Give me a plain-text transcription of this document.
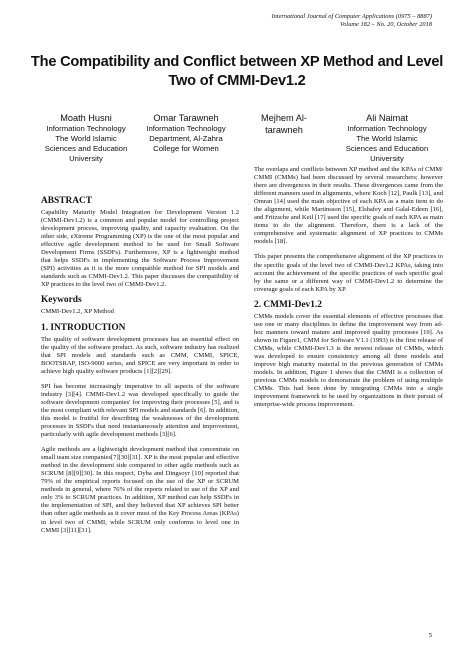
International Journal of Computer Applications (0975 – 8887)
Volume 182 – No. 20, October 2018
The Compatibility and Conflict between XP Method and Level
Two of CMMI-Dev1.2
Moath Husni
Information Technology
The World Islamic
Sciences and Education
University
Omar Tarawneh
Information Technology
Department, Al-Zahra
College for Women
Mejhem Al-
tarawneh
Ali Naimat
Information Technology
The World Islamic
Sciences and Education
University
ABSTRACT

Capability Maturity Model Integration for Development Version 1.2 (CMMI-Dev1.2) is a common and popular model for controlling project development process, improving quality, and capacity evaluation. On the other side, eXtreme Programming (XP) is the one of the most popular and effective agile development method to be used for Small Software Development Firms (SSDFs). Furthermore, XP is a lightweight method that helps SSDFs in implementing the Software Process Improvement (SPI) activities as it is the more compatible method for SPI models and standards such as CMMI-Dev1.2. This paper discusses the compatibility of XP practices to the level two of CMMI-Dev1.2.

Keywords

CMMI-Dev1.2, XP Method

1. INTRODUCTION

The quality of software development processes has an essential effect on the quality of the software product. As such, software industry has realized that SPI models and standards such as CMM, CMMI, SPICE, BOOTSRAP, ISO-9000 series, and SPICE are very important in order to achieve high quality software products [1][2][29].

SPI has become increasingly imperative to all aspects of the software industry [3][4]. CMMI-Dev1.2 was developed specifically to guide the software development companies' for improving their processes [5], and is the most compliant with relevant SPI models and standards [6]. In addition, this model is fruitful for describing the weaknesses of the development processes in SSDFs that need instantaneously attention and improvement, particularly with agile development methods [3][6].

Agile methods are a lightweight development method that concentrate on small team size companies[7][30][31]. XP is the most popular and effective method in the development side compared to other agile methods such as SCRUM [8][9][30]. In this respect, Dyba and Dingsoyr [10] reported that 79% of the empirical reports focused on the use of the XP or SCRUM methods in general, where 76% of the reports related to use of the XP and only 3% to SCRUM practices. In addition, XP method can help SSDFs in the implementation of SPI, and they believed that XP achieves SPI better than other agile methods as it cover most of the Key Process Areas (KPAs) in level two of CMMI, while SCRUM only conforms to level one in CMMI [3][11][31].

The overlaps and conflicts between XP method and the KPAs of CMM/ CMMI (CMMs) had been discussed by several researchers; however there are divergences in their results. These divergences came from the different manners used in alignments, where Koch [12], Paulk [13], and Omran [14] used the main objective of each KPA as a main item to do the alignment, while Martinsson [15], Elshafey and Galal-Edeen [16], and Fritzsche and Keil [17] used the specific goals of each KPA as main items to do the alignment. Therefore, there is a lack of the comprehensive and systematic alignment of XP practices to CMMs models [18].

This paper presents the comprehensive alignment of the XP practices to the specific goals of the level two of CMMI-Dev1.2 KPAs, taking into account the achievement of the specific practices of each specific goal by the same or a different way of CMMI-Dev1.2 to determine the coverage goals of each KPA by XP

2. CMMI-Dev1.2

CMMs models cover the essential elements of effective processes that use one or many disciplines to define the improvement way from ad-hoc manners toward mature and improved quality processes [19]. As shown in Figure1, CMM for Software V1.1 (1993) is the first release of CMMs, while CMMI-Dev1.3 is the newest release of CMMs, which was developed to ensure consistency among all three models and improve high maturity material in the previous generation of CMMs models. In addition, Figure 1 shows that the CMMI is a collection of previous CMMs models to demonstrate the problem of using multiple CMMs. This had been done by integrating CMMs into a single improvement framework to be used by organizations in their pursuit of enterprise-wide process improvement.

5
